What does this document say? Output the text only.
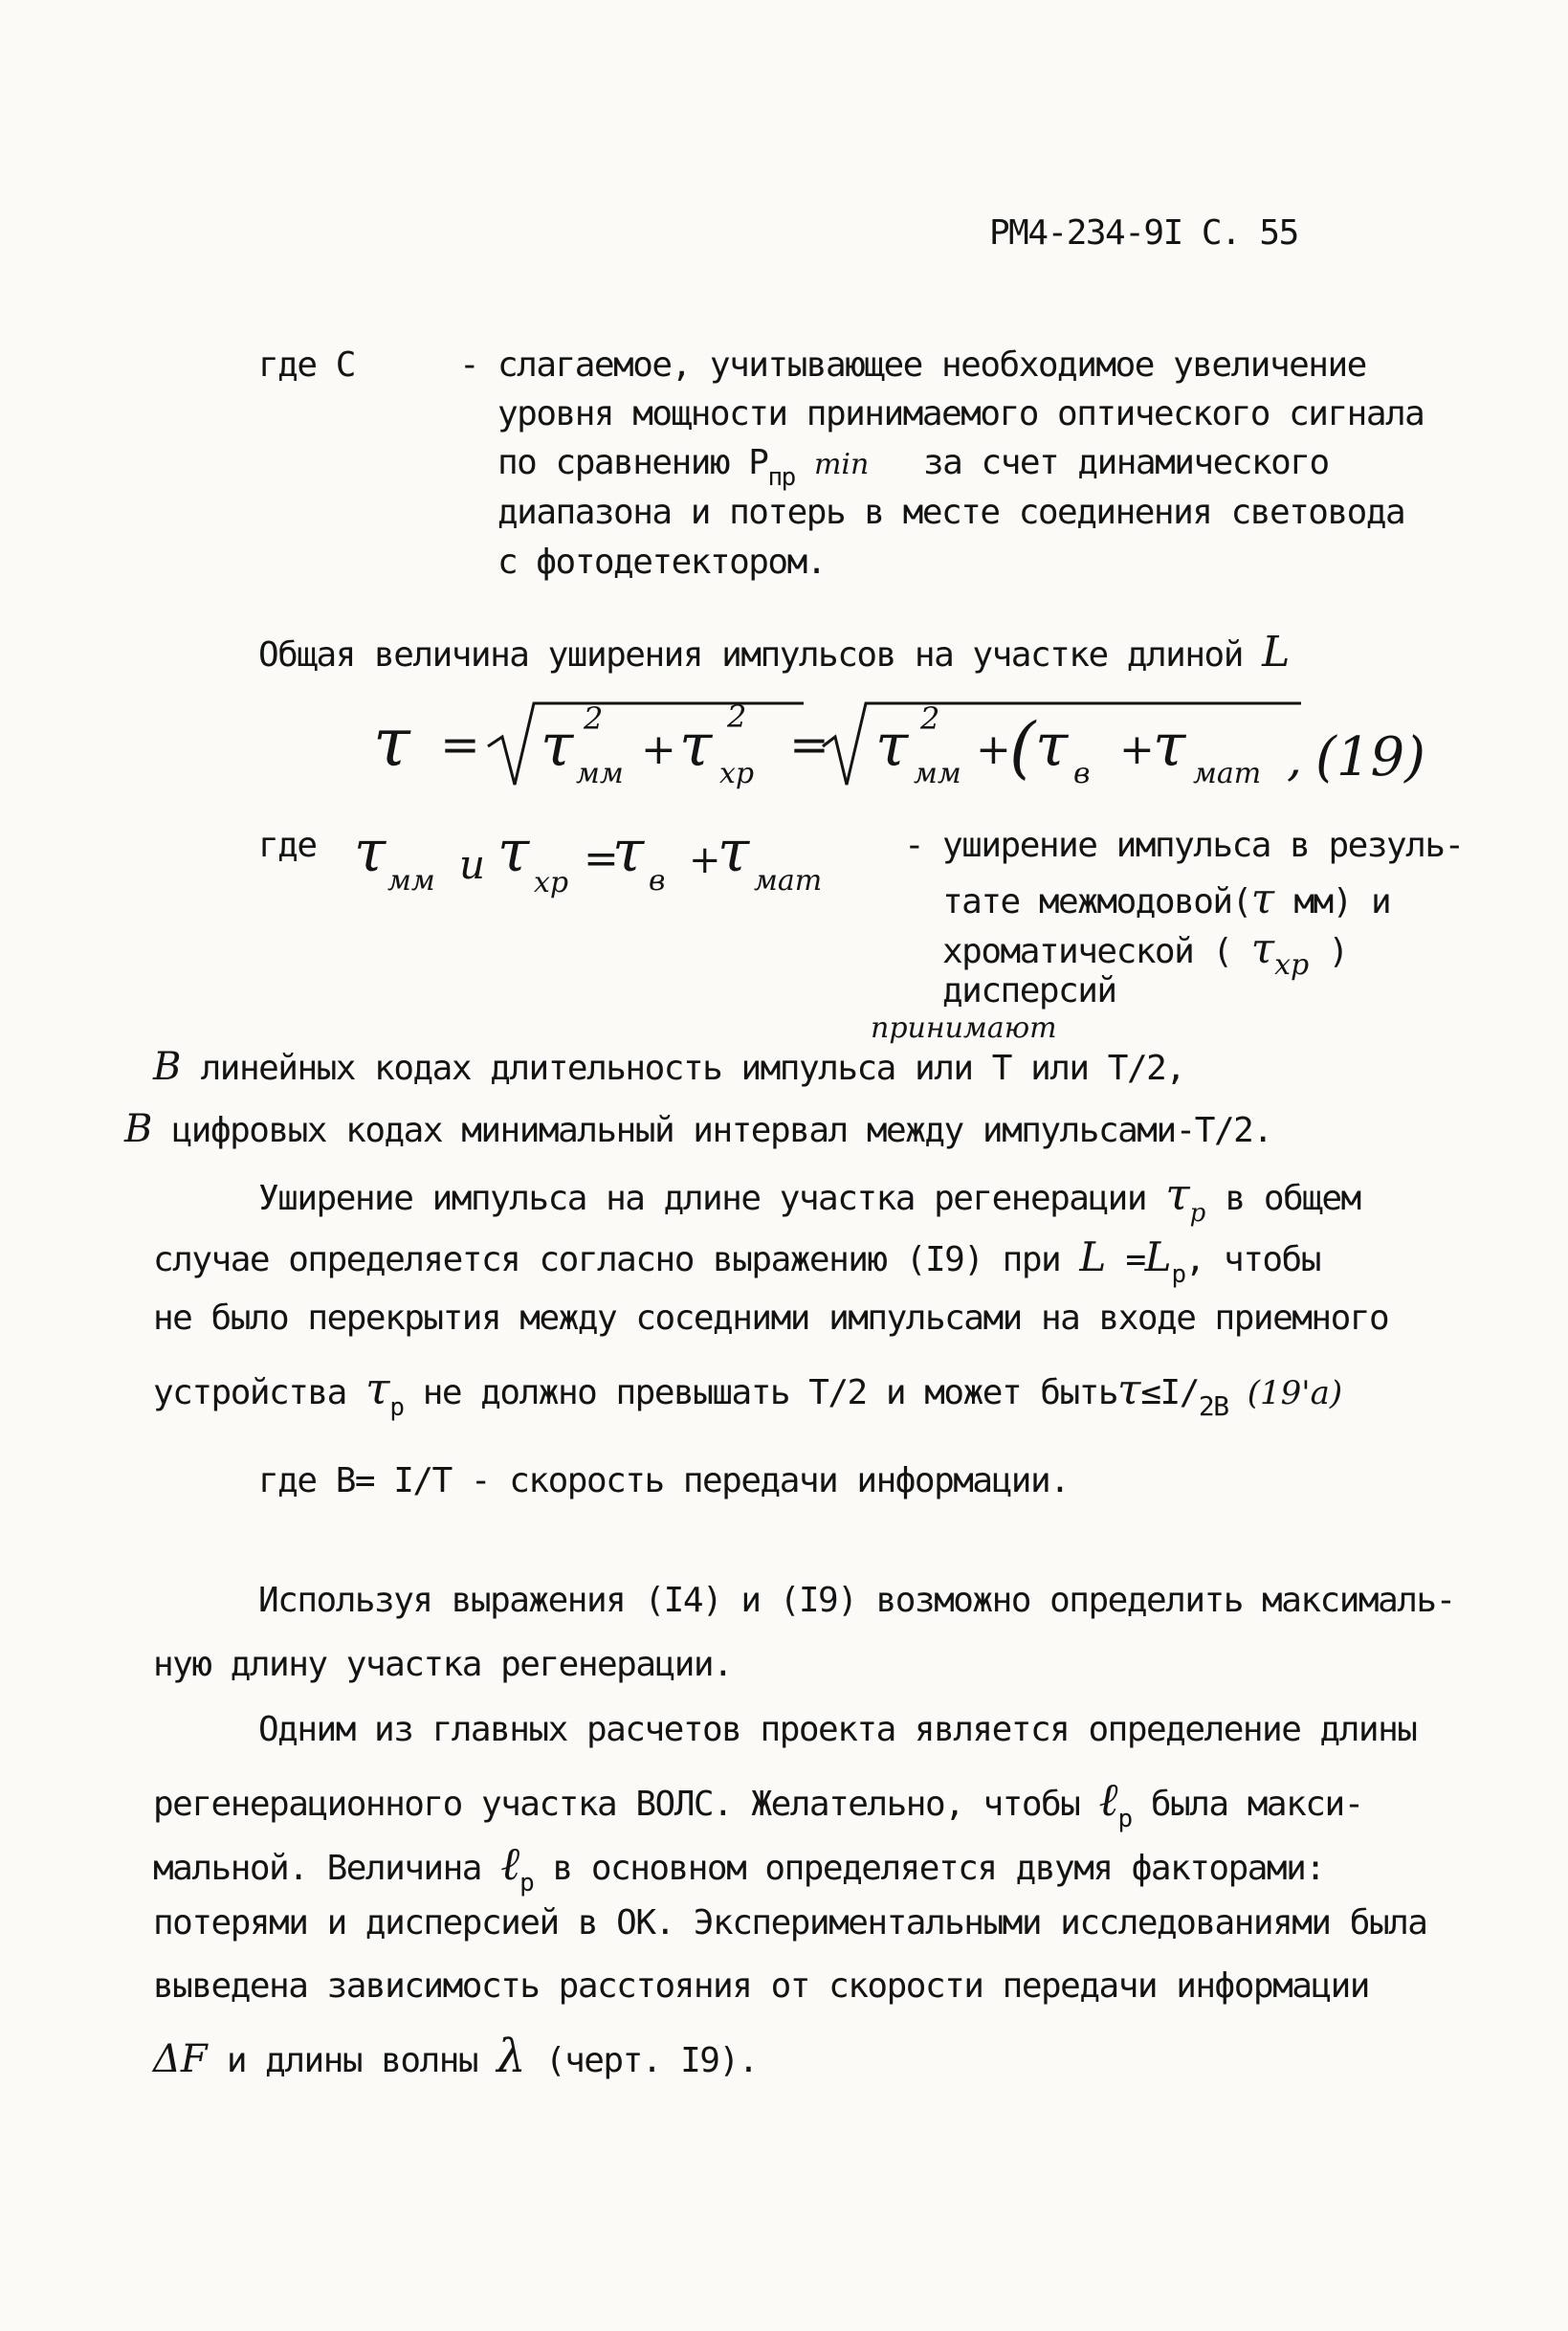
РМ4-234-9I С. 55
где С	- слагаемое, учитывающее необходимое увеличение
уровня мощности принимаемого оптического сигнала
по сравнению $Р_{пр}$ min за счет динамического
диапазона и потерь в месте соединения световода
с фотодетектором.
Общая величина уширения импульсов на участке длиной L
τ = τ 2
мм + τ 2
хр
= τ 2
мм +
( τ в +
τ мат , (19)
где τ мм и τ хр =
τ в +
τ мат
- уширение импульса в резуль-
тате межмодовой(τ мм) и
хроматической ( $\tau_{хр}$ )
дисперсий
принимают
В линейных кодах длительность импульса или Т или Т/2,
В цифровых кодах минимальный интервал между импульсами-Т/2.
Уширение импульса на длине участка регенерации $\tau_р$ в общем
случае определяется согласно выражению (I9) при $L =L_р$, чтобы
не было перекрытия между соседними импульсами на входе приемного
устройства $\tau_р$ не должно превышать Т/2 и может $быть\tau\le I/_{2В}$ (19'а)
где В= I/Т - скорость передачи информации.
Используя выражения (I4) и (I9) возможно определить максималь-
ную длину участка регенерации.
Одним из главных расчетов проекта является определение длины
регенерационного участка ВОЛС. Желательно, чтобы ℓ$_р$ была макси-
мальной. Величина ℓ$_р$ в основном определяется двумя факторами:
потерями и дисперсией в ОК. Экспериментальными исследованиями была
выведена зависимость расстояния от скорости передачи информации
ΔF и длины волны λ (черт. I9).
